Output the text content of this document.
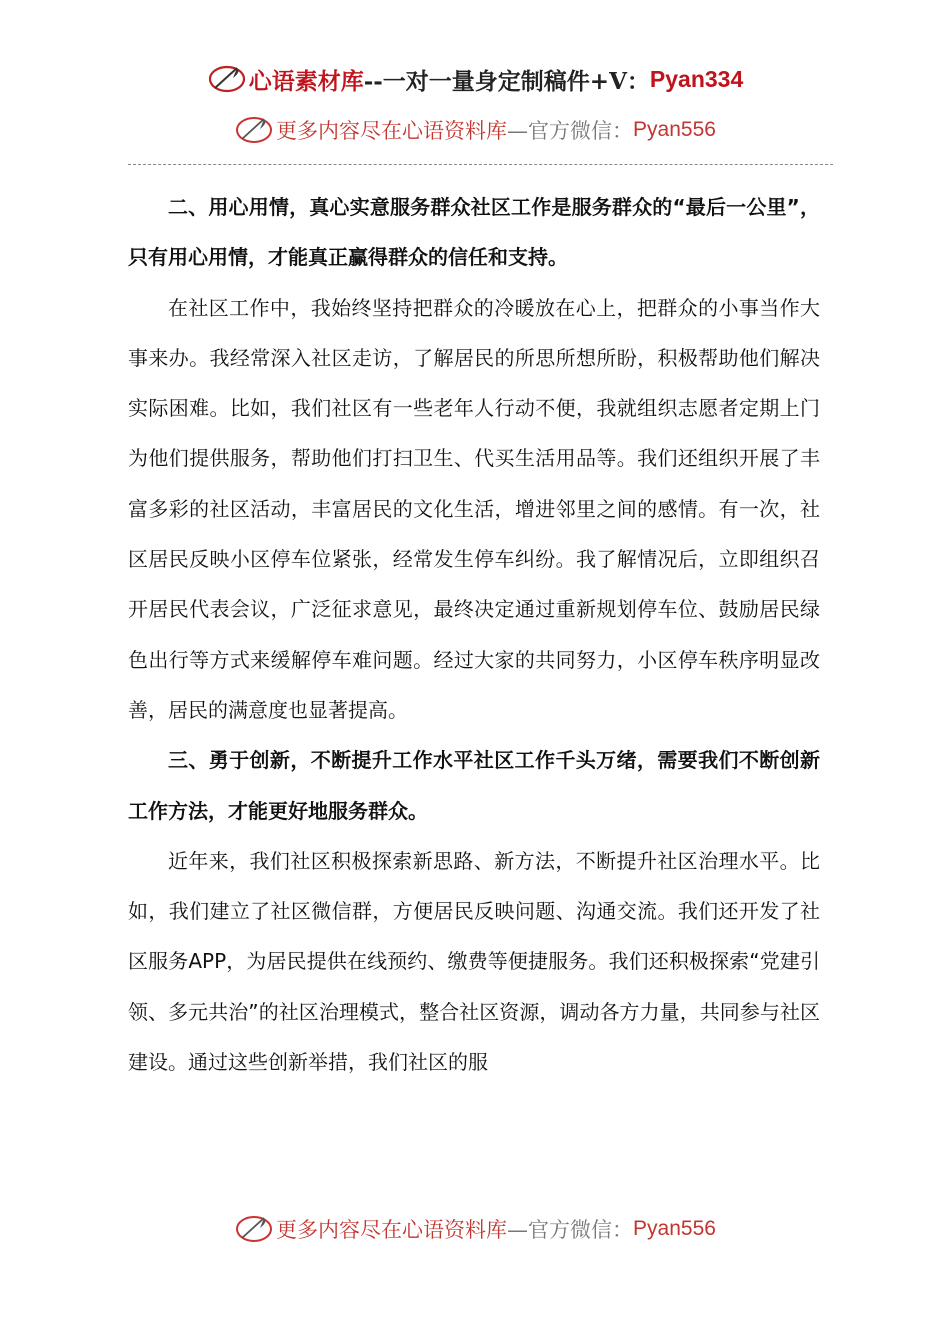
心语素材库 --一对一量身定制稿件+V： Pyan334
更多内容尽在心语资料库 —官方微信： Pyan556

二、用心用情，真心实意服务群众社区工作是服务群众的“最后一公里”，只有用心用情，才能真正赢得群众的信任和支持。

在社区工作中，我始终坚持把群众的冷暖放在心上，把群众的小事当作大事来办。我经常深入社区走访，了解居民的所思所想所盼，积极帮助他们解决实际困难。比如，我们社区有一些老年人行动不便，我就组织志愿者定期上门为他们提供服务，帮助他们打扫卫生、代买生活用品等。我们还组织开展了丰富多彩的社区活动，丰富居民的文化生活，增进邻里之间的感情。有一次，社区居民反映小区停车位紧张，经常发生停车纠纷。我了解情况后，立即组织召开居民代表会议，广泛征求意见，最终决定通过重新规划停车位、鼓励居民绿色出行等方式来缓解停车难问题。经过大家的共同努力，小区停车秩序明显改善，居民的满意度也显著提高。

三、勇于创新，不断提升工作水平社区工作千头万绪，需要我们不断创新工作方法，才能更好地服务群众。

近年来，我们社区积极探索新思路、新方法，不断提升社区治理水平。比如，我们建立了社区微信群，方便居民反映问题、沟通交流。我们还开发了社区服务APP，为居民提供在线预约、缴费等便捷服务。我们还积极探索“党建引领、多元共治”的社区治理模式，整合社区资源，调动各方力量，共同参与社区建设。通过这些创新举措，我们社区的服

更多内容尽在心语资料库 —官方微信： Pyan556
